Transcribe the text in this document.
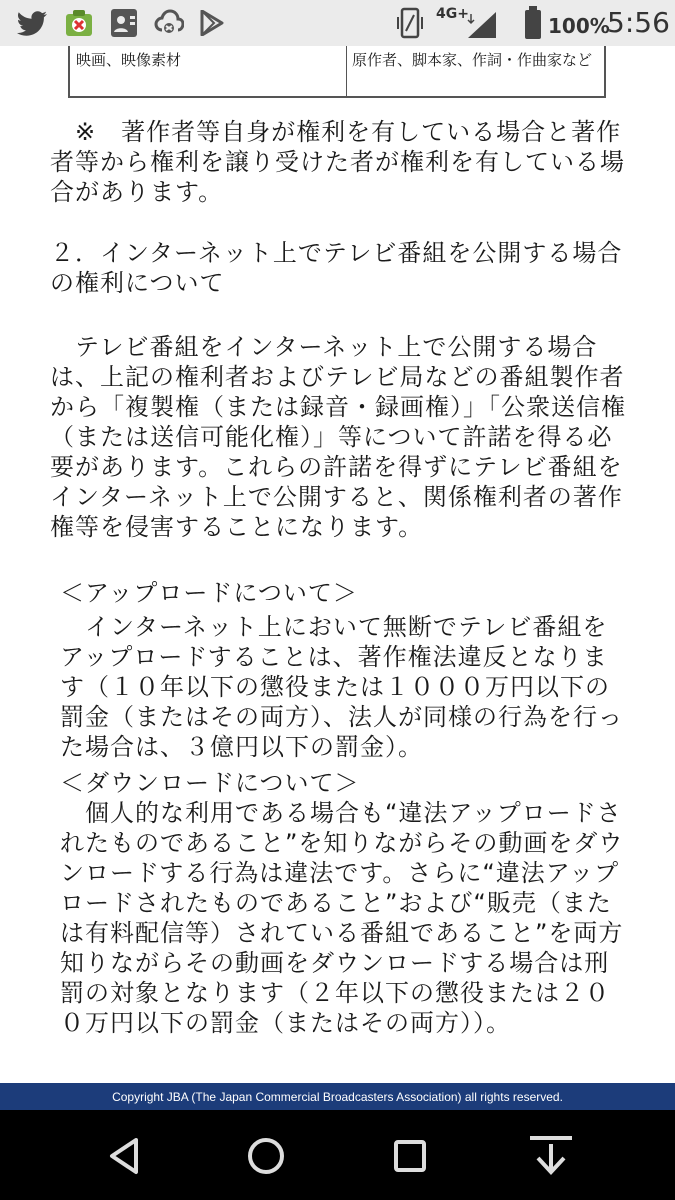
4G+	100%
5:56
映画、映像素材	原作者、脚本家、作詞・作曲家など

　※　著作者等自身が権利を有している場合と著作者等から権利を譲り受けた者が権利を有している場合があります。

２．インターネット上でテレビ番組を公開する場合の権利について

　テレビ番組をインターネット上で公開する場合は、上記の権利者およびテレビ局などの番組製作者から「複製権（または録音・録画権）」「公衆送信権（または送信可能化権）」等について許諾を得る必要があります。これらの許諾を得ずにテレビ番組をインターネット上で公開すると、関係権利者の著作権等を侵害することになります。

＜アップロードについて＞

　インターネット上において無断でテレビ番組をアップロードすることは、著作権法違反となります（１０年以下の懲役または１０００万円以下の罰金（またはその両方）、法人が同様の行為を行った場合は、３億円以下の罰金）。

＜ダウンロードについて＞

　個人的な利用である場合も“違法アップロードされたものであること”を知りながらその動画をダウンロードする行為は違法です。さらに“違法アップロードされたものであること”および“販売（または有料配信等）されている番組であること”を両方知りながらその動画をダウンロードする場合は刑罰の対象となります（２年以下の懲役または２００万円以下の罰金（またはその両方））。

Copyright JBA (The Japan Commercial Broadcasters Association) all rights reserved.
